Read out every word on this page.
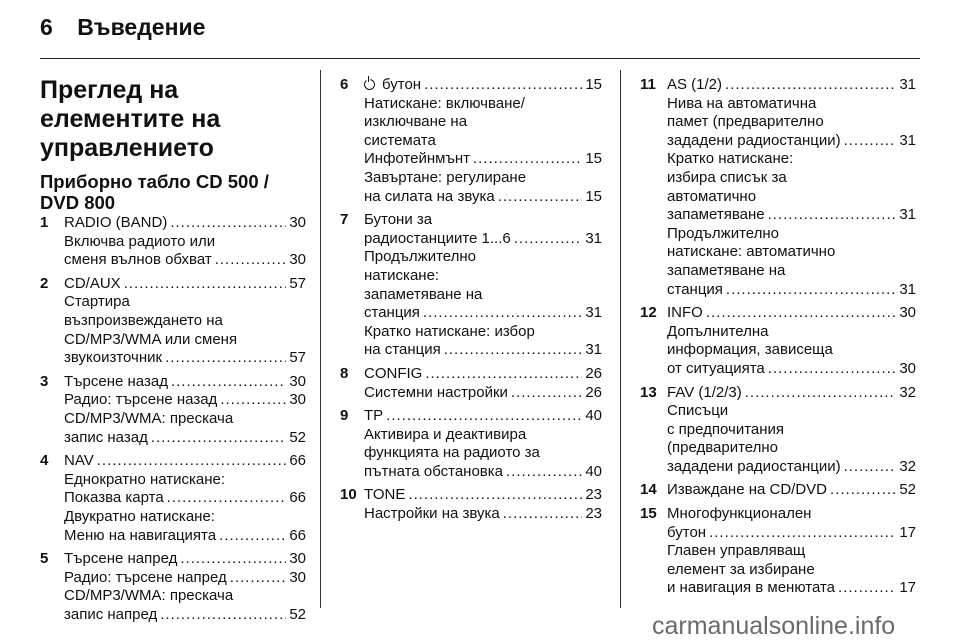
6 Въведение
Преглед на елементите на управлението
Приборно табло CD 500 / DVD 800
1	RADIO (BAND) .....	30
Включва радиото или
сменя вълнов обхват .....	30
2	CD/AUX .....	57
Стартира
възпроизвеждането на
CD/MP3/WMA или сменя
звукоизточник .....	57
3	Търсене назад .....	30
Радио: търсене назад .....	30
CD/MP3/WMA: прескача
запис назад .....	52
4	NAV .....	66
Еднократно натискане:
Показва карта .....	66
Двукратно натискане:
Меню на навигацията .....	66
5	Търсене напред .....	30
Радио: търсене напред .....	30
CD/MP3/WMA: прескача
запис напред .....	52
6	бутон .....	15
Натискане: включване/
изключване на
системата
Инфотейнмънт .....	15
Завъртане: регулиране
на силата на звука .....	15
7	Бутони за
радиостанциите 1...6 .....	31
Продължително
натискане:
запаметяване на
станция .....	31
Кратко натискане: избор
на станция .....	31
8	CONFIG .....	26
Системни настройки .....	26
9	TP .....	40
Активира и деактивира
функцията на радиото за
пътната обстановка .....	40
10 TONE .....	23
Настройки на звука .....	23
11 AS (1/2) .....	31
Нива на автоматична
памет (предварително
зададени радиостанции) .....	31
Кратко натискане:
избира списък за
автоматично
запаметяване .....	31
Продължително
натискане: автоматично
запаметяване на
станция .....	31
12 INFO .....	30
Допълнителна
информация, зависеща
от ситуацията .....	30
13 FAV (1/2/3) .....	32
Списъци
с предпочитания
(предварително
зададени радиостанции) .....	32
14 Изваждане на CD/DVD .....	52
15 Многофункционален
бутон .....	17
Главен управляващ
елемент за избиране
и навигация в менютата .....	17
carmanualsonline.info
